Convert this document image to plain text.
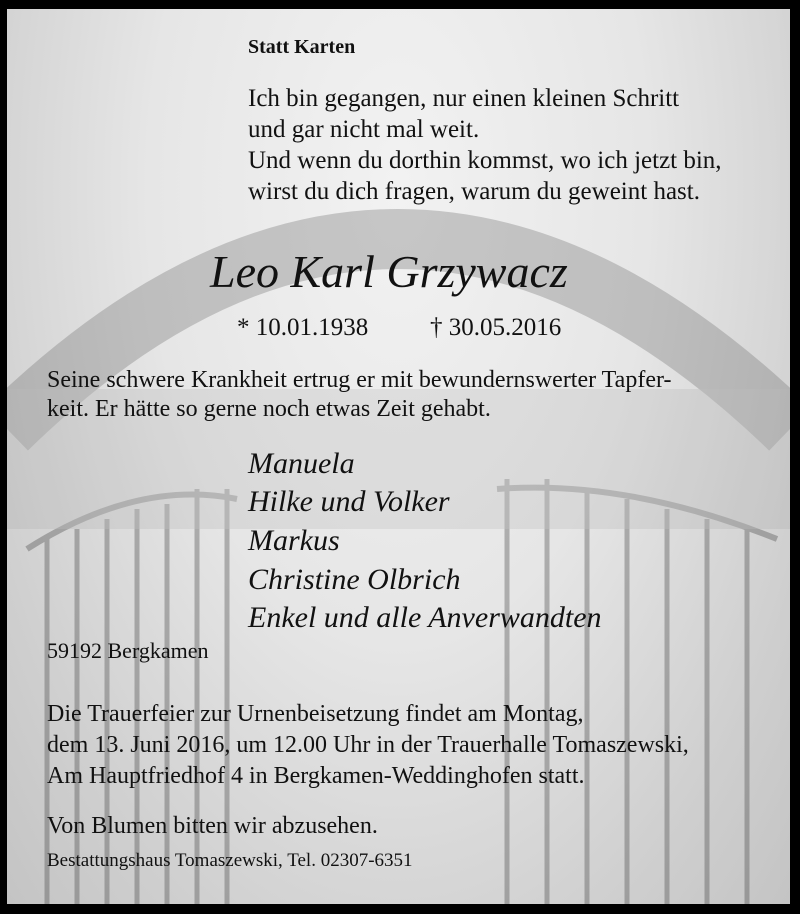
Statt Karten
Ich bin gegangen, nur einen kleinen Schritt
und gar nicht mal weit.
Und wenn du dorthin kommst, wo ich jetzt bin,
wirst du dich fragen, warum du geweint hast.
Leo Karl Grzywacz
* 10.01.1938 † 30.05.2016
Seine schwere Krankheit ertrug er mit bewundernswerter Tapfer-
keit. Er hätte so gerne noch etwas Zeit gehabt.
Manuela
Hilke und Volker
Markus
Christine Olbrich
Enkel und alle Anverwandten
59192 Bergkamen
Die Trauerfeier zur Urnenbeisetzung findet am Montag,
dem 13. Juni 2016, um 12.00 Uhr in der Trauerhalle Tomaszewski,
Am Hauptfriedhof 4 in Bergkamen-Weddinghofen statt.
Von Blumen bitten wir abzusehen.
Bestattungshaus Tomaszewski, Tel. 02307-6351
